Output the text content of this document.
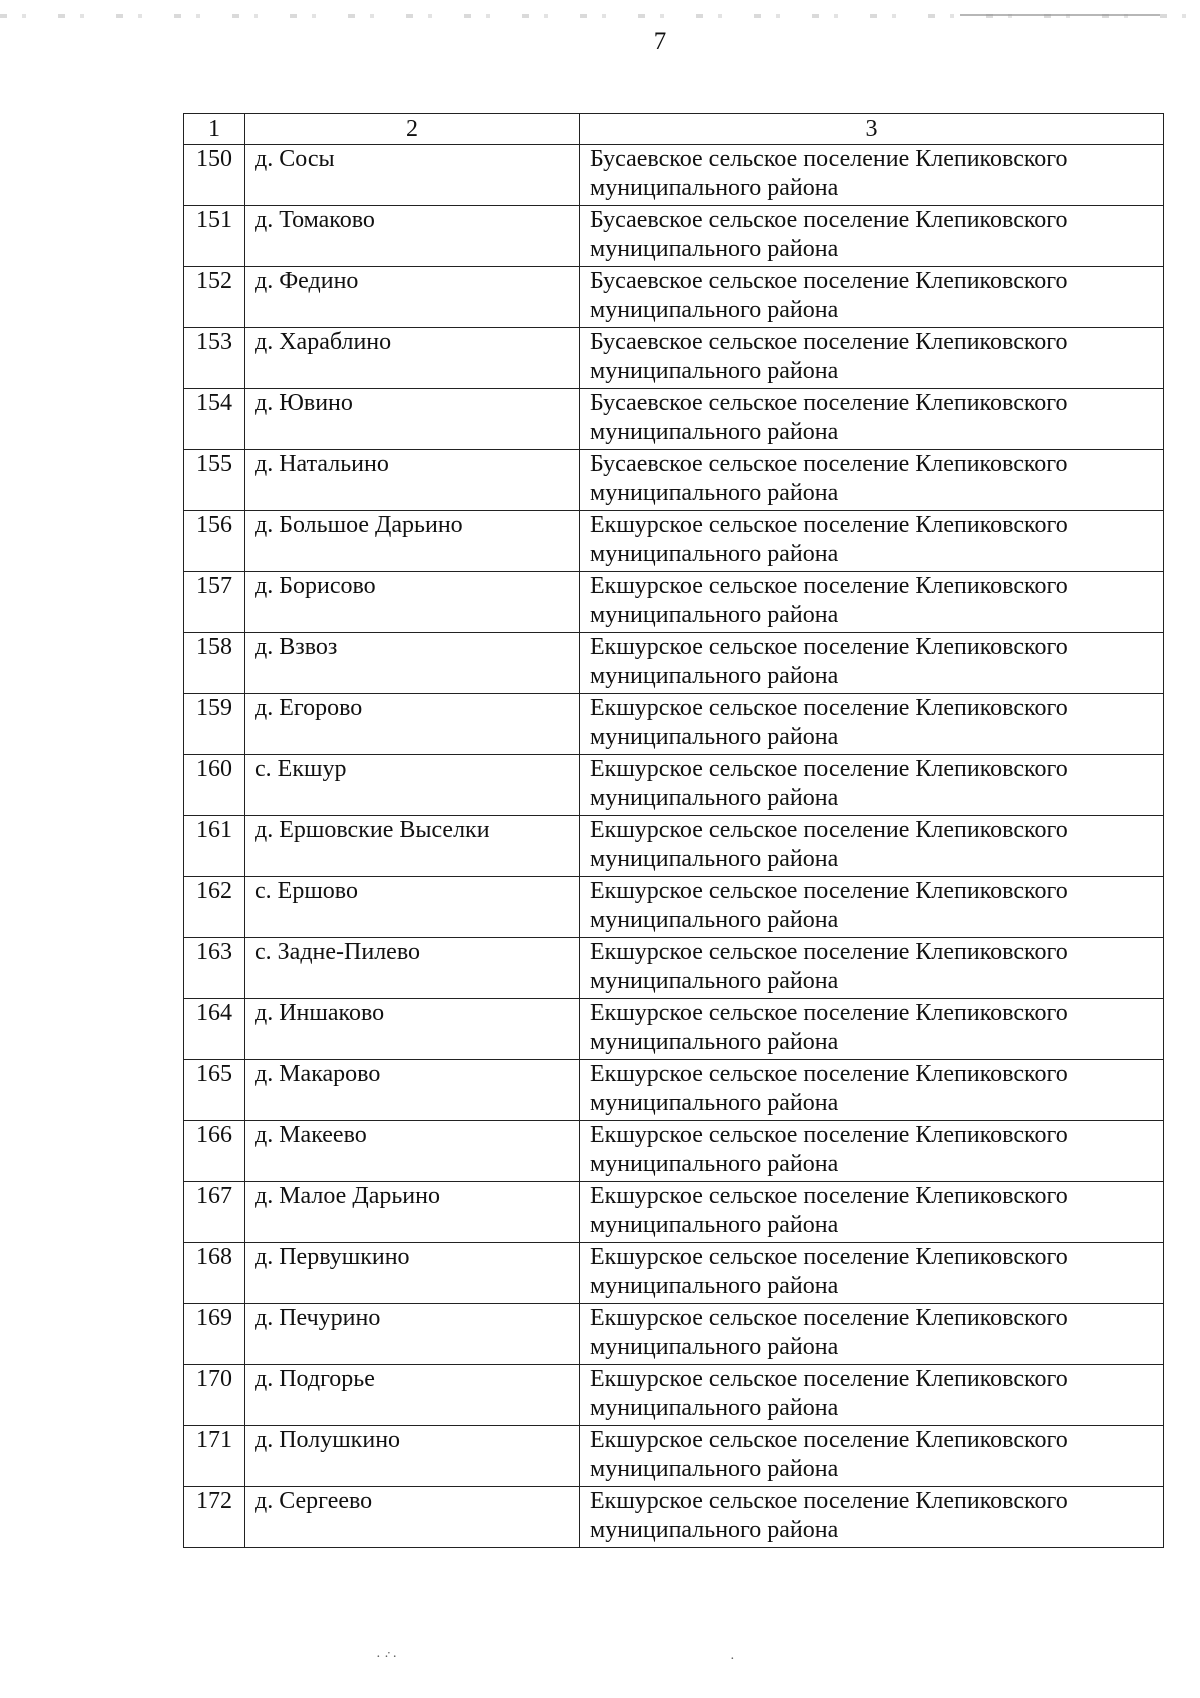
7
1	2	3
150	д. Сосы	Бусаевское сельское поселение Клепиковского муниципального района
151	д. Томаково	Бусаевское сельское поселение Клепиковского муниципального района
152	д. Федино	Бусаевское сельское поселение Клепиковского муниципального района
153	д. Хараблино	Бусаевское сельское поселение Клепиковского муниципального района
154	д. Ювино	Бусаевское сельское поселение Клепиковского муниципального района
155	д. Натальино	Бусаевское сельское поселение Клепиковского муниципального района
156	д. Большое Дарьино	Екшурское сельское поселение Клепиковского муниципального района
157	д. Борисово	Екшурское сельское поселение Клепиковского муниципального района
158	д. Взвоз	Екшурское сельское поселение Клепиковского муниципального района
159	д. Егорово	Екшурское сельское поселение Клепиковского муниципального района
160	с. Екшур	Екшурское сельское поселение Клепиковского муниципального района
161	д. Ершовские Выселки	Екшурское сельское поселение Клепиковского муниципального района
162	с. Ершово	Екшурское сельское поселение Клепиковского муниципального района
163	с. Задне-Пилево	Екшурское сельское поселение Клепиковского муниципального района
164	д. Иншаково	Екшурское сельское поселение Клепиковского муниципального района
165	д. Макарово	Екшурское сельское поселение Клепиковского муниципального района
166	д. Макеево	Екшурское сельское поселение Клепиковского муниципального района
167	д. Малое Дарьино	Екшурское сельское поселение Клепиковского муниципального района
168	д. Первушкино	Екшурское сельское поселение Клепиковского муниципального района
169	д. Печурино	Екшурское сельское поселение Клепиковского муниципального района
170	д. Подгорье	Екшурское сельское поселение Клепиковского муниципального района
171	д. Полушкино	Екшурское сельское поселение Клепиковского муниципального района
172	д. Сергеево	Екшурское сельское поселение Клепиковского муниципального района
· ·̇ ·	·
